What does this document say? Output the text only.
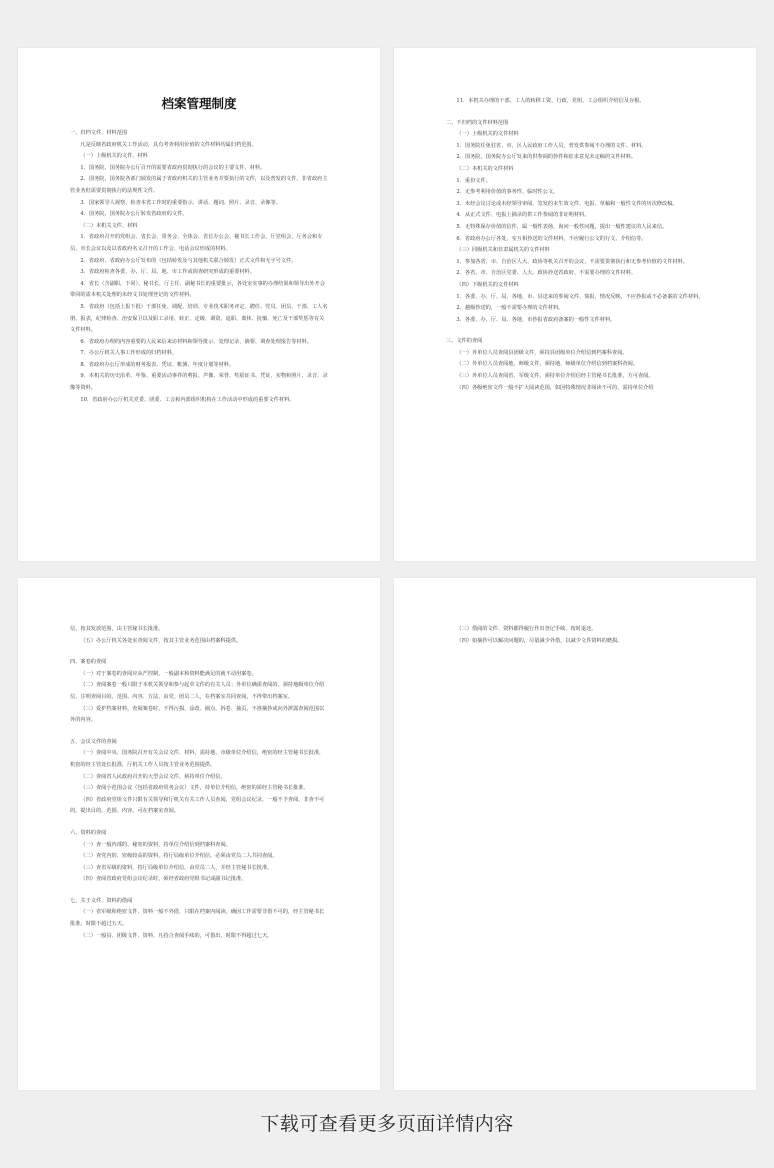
档案管理制度

一、归档文件、材料范围

凡是反映省政府机关工作活动，具有考查利用价值的文件材料均属归档范围。

（一）上级机关的文件、材料

1．国务院、国务院办公厅召开的需要省政府贯彻执行的会议的主要文件、材料。

2．国务院、国务院各部门颁发的属于省政府机关的主管业务并要执行的文件，以及普发的文件，非省政府主管业务但需要贯彻执行的法规性文件。

3．国家领导人视察、检查本省工作时的重要指示、讲话、题词、照片、录音、录像等。

4．国务院、国务院办公厅转发省政府的文件。

（二）本机关文件、材料

1．省政府召开的党组会、省长会、常务会、全体会、省长办公会、秘书长工作会、厅党组会、厅务会和专员、市长会议以及以省政府名义召开的工作会、电话会议形成的材料。

2．省政府、省政府办公厅发布的（包括转发及与其他机关联合颁发）正式文件和无字号文件。

3．省政府检查各委、办、厅、局、地、市工作或调查研究形成的重要材料。

4．省长（含副职，下同）、秘书长、厅主任、副秘书长的重要批示，各处室实事的办理结果和领导出外开会带回的需本机关处理的未经文书处理登记的文件材料。

5．省政府（包括上报下批）干部任免、调配、培训、专业技术职务评定、聘任、党员、团员、干部、工人名册、报表，纪律检查、治安保卫以及职工录用、转正、定级、调资、退职、离休、抚恤、死亡及干部奖惩等有关文件材料。

6．省政府办理的内容重要的人民来信来访材料和领导批示、处理记录、摘要、调查处理报告等材料。

7．办公厅机关人事工作形成的归档材料。

8．省政府办公厅形成的财务报表、凭证、帐簿、年度计划等材料。

9．本机关的历史沿革、年鉴、重要活动事件的剪报、声像、荣誉、奖励证书、凭证、实物和照片、录音、录像等资料。

10．省政府办公厅机关党委、团委、工会和内部组织机构在工作活动中形成的重要文件材料。

11．本机关办理的干部、工人的转移工资、行政、党组、工会组织介绍信及存根。

二、不归档的文件材料范围

（一）上级机关的文件材料

1．国务院任免驻省、市、区人民政府工作人员，普发供参阅不办理的文件、材料。

2．国务院、国务院办公厅发来的供参阅的抄件和征求意见未定稿的文件材料。

（二）本机关的文件材料

1．重份文件。

2．无参考利用价值的事务性、临时性公文。

3．未经会议讨论或未经领导审阅、签发的未生效文件、电报、草稿和一般性文件的历次修改稿。

4．从正式文件、电报上摘录的供工作参阅的非证明材料。

5．无特殊保存价值的信件，属一般性表扬，询问一般性问题，提出一般性建议的人民来信。

6．省政府办公厅各处、室互相抄送的文件材料，不应履行公文的行文、介绍信等。

（三）同级机关和非隶属机关的文件材料

1．参加各省、市、自治区人大、政协等机关召开的会议，不需要贯彻执行和无参考价值的文件材料。

2．各省、市、自治区党委、人大、政协抄送省政府、不需要办理的文件材料。

（四）下级机关的文件材料

1．各委、办、厅、局、各地、市、县送来的参阅文件、简报，情况反映，不应抄报或不必备案的文件材料。

2．越级抄送的，一般不需要办理的文件材料。

3．各委、办、厅、局、各地、市抄报省政府备案的一般性文件材料。

三、文件的查阅

（一）外单位人员查阅县团级文件，须持县团级单位介绍信到档案科查阅。

（二）外单位人员查阅地、师级文件，须持地、师级单位介绍信到档案科查阅。

（三）外单位人员查阅省、军级文件，须持单位介绍信经主管秘书长批准，方可查阅。

（四）各级绝密文件一般不扩大阅读范围，如因特殊情况非阅读不可的，需持单位介绍

信，按其发放范围，由主管秘书长批准。

（五）办公厅机关各处室查阅文件，按其主管业务范围由档案科提供。

四、案卷的查阅

（一）对于案卷的查阅应从严控制，一般副本和资料能满足的就不动用案卷。

（二）查阅案卷一般只限于本机关领导和参与起草文件的有关人员；外单位确需查阅的，须持地级单位介绍信，注明查阅目的、范围、内容、方法，由党、团员二人，在档案室共同查阅，不得带出档案室。

（三）爱护档案材料，查阅案卷时，不得污损、涂改、圈点、拆卷、抽页，不准摘抄或向外泄露查阅范围以外的内容。

五、会议文件的查阅

（一）查阅中央、国务院召开有关会议文件、材料，需持地、市级单位介绍信，绝密的经主管秘书长批准，机密的经主管处长批准，厅机关工作人员按主管业务范围提供。

（二）查阅省人民政府召开的大型会议文件，须持单位介绍信。

（三）查阅小范围会议（包括省政府常务会议）文件，持单位介绍信，绝密的需经主管秘书长批准。

（四）省政府党组文件只限有关领导和厅机关有关工作人员查阅，党组会议纪录，一般不予查阅，非查不可的，提出目的、范围、内容，可在档案室查阅。

六、资料的查阅

（一）查一般内部的、秘密的资料，持单位介绍信到档案科查阅。

（二）查党内的、密级较高的资料，持厅局级单位介绍信，必须由党员二人共同查阅。

（三）查省军级的资料，持厅局级单位介绍信，由党员二人，并经主管秘书长批准。

（四）查阅省政府党组会议纪录时，须经省政府党组书记或副书记批准。

七、关于文件、资料的借阅

（一）省军级和绝密文件、资料一般不外借，只限在档案内阅读。确因工作需要非借不可的，经主管秘书长批准，时限不超过五天。

（二）一般县、团级文件、资料，凡持合查阅手续的，可借出，时限不得超过七天。

（三）借阅的文件、资料都得履行作出登记手续，按时退还。

（四）如摘抄可以解决问题的，尽量减少外借，以减少文件资料的磨损。

下载可查看更多页面详情内容
